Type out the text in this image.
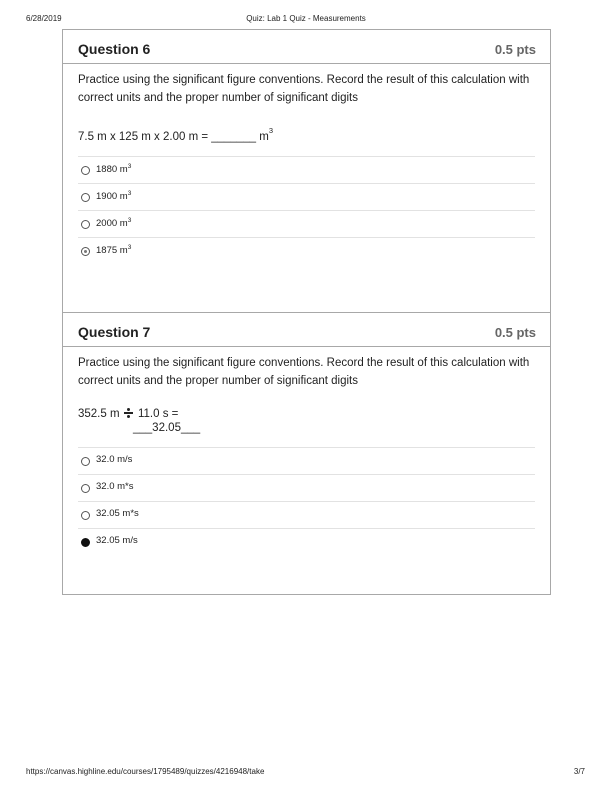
6/28/2019	Quiz: Lab 1 Quiz - Measurements
Question 6	0.5 pts
Practice using the significant figure conventions. Record the result of this calculation with correct units and the proper number of significant digits
7.5 m x 125 m x 2.00 m = _______ $m^3$
1880 $m^3$
1900 $m^3$
2000 $m^3$
1875 $m^3$
Question 7	0.5 pts
Practice using the significant figure conventions. Record the result of this calculation with correct units and the proper number of significant digits
352.5 m 11.0 s =
___32.05___
32.0 m/s
32.0 m*s
32.05 m*s
32.05 m/s
https://canvas.highline.edu/courses/1795489/quizzes/4216948/take	3/7
